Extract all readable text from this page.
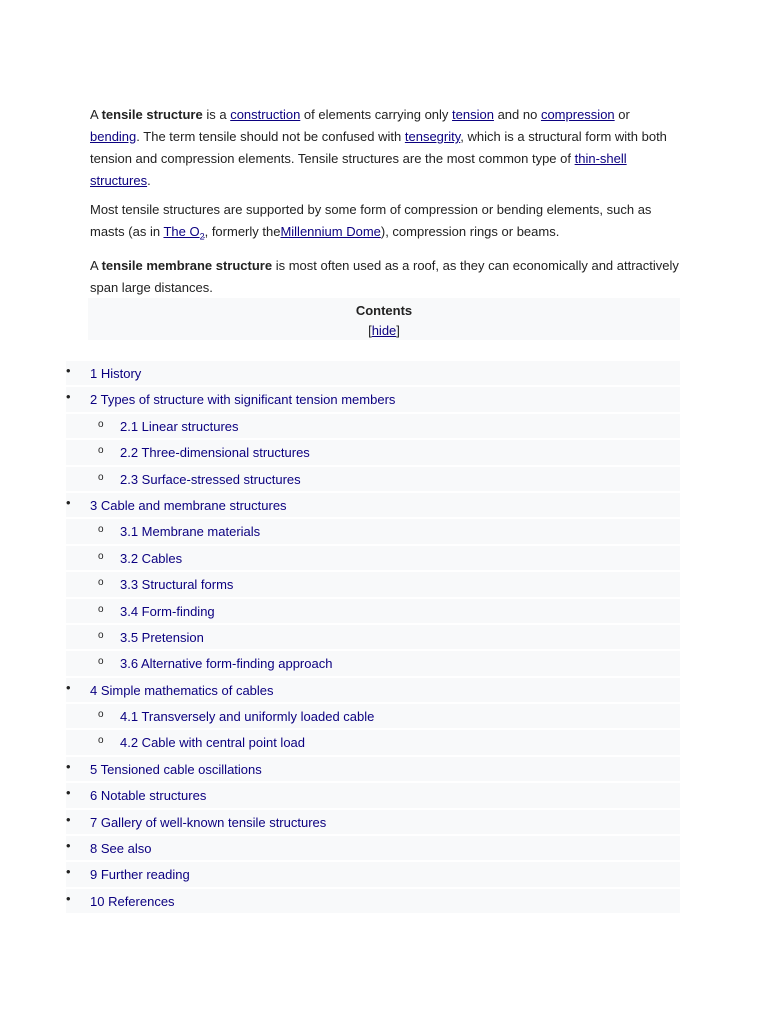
A tensile structure is a construction of elements carrying only tension and no compression or bending. The term tensile should not be confused with tensegrity, which is a structural form with both tension and compression elements. Tensile structures are the most common type of thin-shell structures.

Most tensile structures are supported by some form of compression or bending elements, such as masts (as in The $O_2$, formerly theMillennium Dome), compression rings or beams.

A tensile membrane structure is most often used as a roof, as they can economically and attractively span large distances.

Contents
[hide]
• 1 History
• 2 Types of structure with significant tension members
o 2.1 Linear structures
o 2.2 Three-dimensional structures
o 2.3 Surface-stressed structures
• 3 Cable and membrane structures
o 3.1 Membrane materials
o 3.2 Cables
o 3.3 Structural forms
o 3.4 Form-finding
o 3.5 Pretension
o 3.6 Alternative form-finding approach
• 4 Simple mathematics of cables
o 4.1 Transversely and uniformly loaded cable
o 4.2 Cable with central point load
• 5 Tensioned cable oscillations
• 6 Notable structures
• 7 Gallery of well-known tensile structures
• 8 See also
• 9 Further reading
• 10 References
